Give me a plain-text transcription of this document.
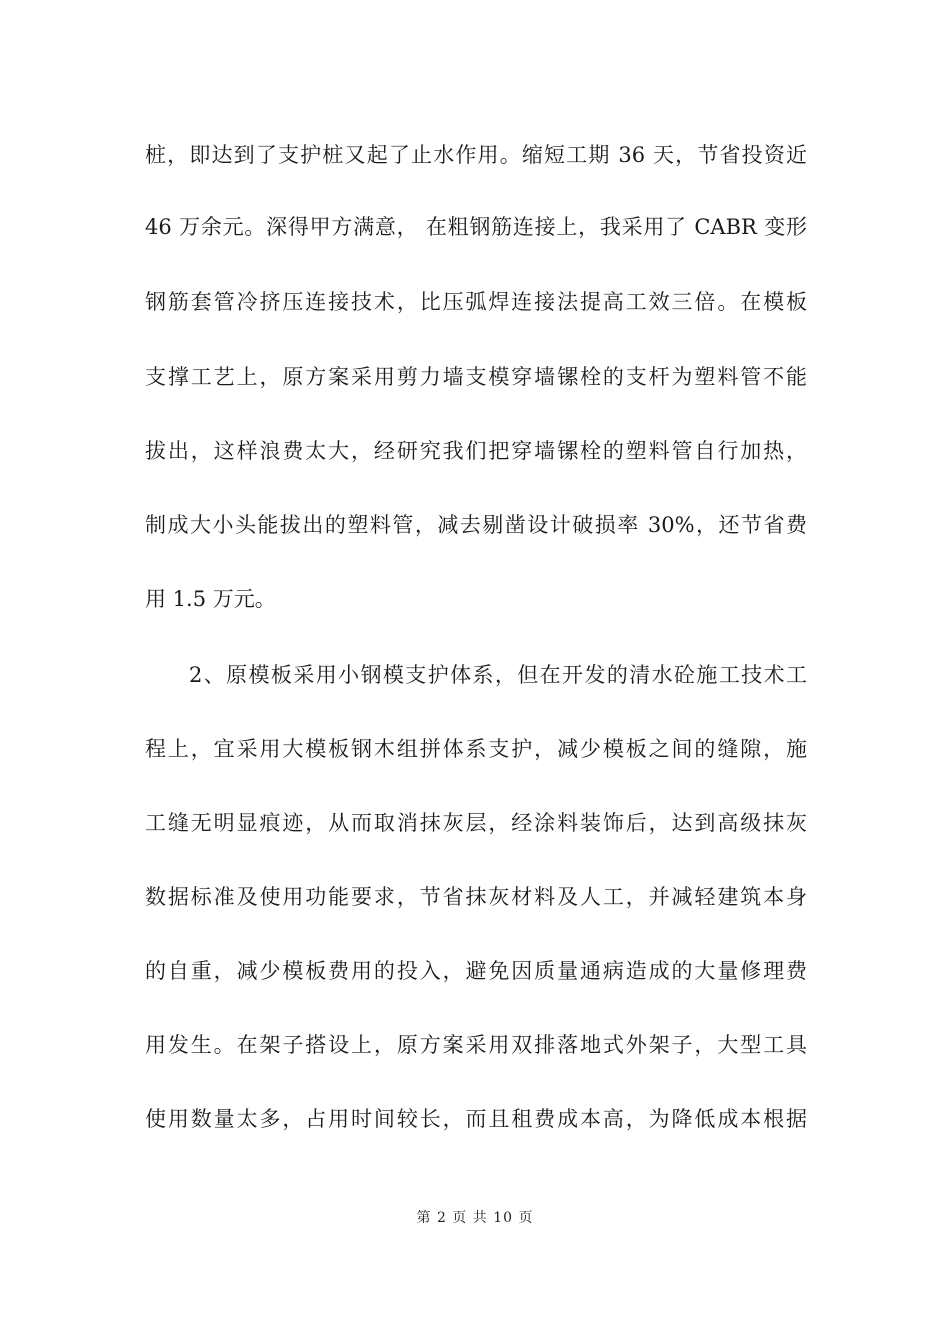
桩，即达到了支护桩又起了止水作用。缩短工期 36 天，节省投资近
46 万余元。深得甲方满意， 在粗钢筋连接上，我采用了 CABR 变形
钢筋套管冷挤压连接技术，比压弧焊连接法提高工效三倍。在模板
支撑工艺上，原方案采用剪力墙支模穿墙镙栓的支杆为塑料管不能
拔出，这样浪费太大，经研究我们把穿墙镙栓的塑料管自行加热，
制成大小头能拔出的塑料管，减去剔凿设计破损率 30%，还节省费
用 1.5 万元。
2、原模板采用小钢模支护体系，但在开发的清水砼施工技术工
程上，宜采用大模板钢木组拼体系支护，减少模板之间的缝隙，施
工缝无明显痕迹，从而取消抹灰层，经涂料装饰后，达到高级抹灰
数据标准及使用功能要求，节省抹灰材料及人工，并减轻建筑本身
的自重，减少模板费用的投入，避免因质量通病造成的大量修理费
用发生。在架子搭设上，原方案采用双排落地式外架子，大型工具
使用数量太多，占用时间较长，而且租费成本高，为降低成本根据
第 2 页 共 10 页
